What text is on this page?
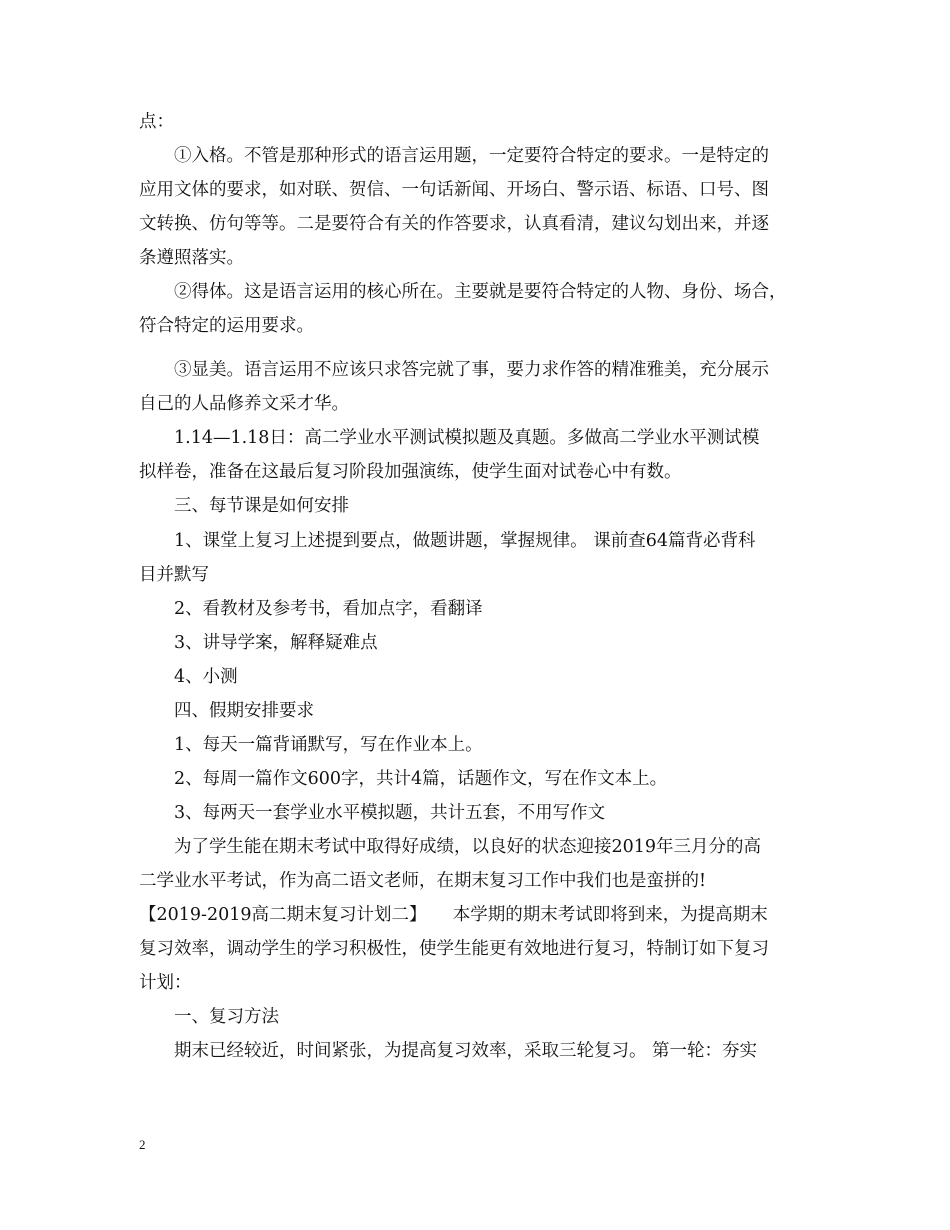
点：
①入格。不管是那种形式的语言运用题，一定要符合特定的要求。一是特定的
应用文体的要求，如对联、贺信、一句话新闻、开场白、警示语、标语、口号、图
文转换、仿句等等。二是要符合有关的作答要求，认真看清，建议勾划出来，并逐
条遵照落实。
②得体。这是语言运用的核心所在。主要就是要符合特定的人物、身份、场合，
符合特定的运用要求。
③显美。语言运用不应该只求答完就了事，要力求作答的精准雅美，充分展示
自己的人品修养文采才华。
1.14—1.18日：高二学业水平测试模拟题及真题。多做高二学业水平测试模
拟样卷，准备在这最后复习阶段加强演练，使学生面对试卷心中有数。
三、每节课是如何安排
1、课堂上复习上述提到要点，做题讲题，掌握规律。 课前查64篇背必背科
目并默写
2、看教材及参考书，看加点字，看翻译
3、讲导学案，解释疑难点
4、小测
四、假期安排要求
1、每天一篇背诵默写，写在作业本上。
2、每周一篇作文600字，共计4篇，话题作文，写在作文本上。
3、每两天一套学业水平模拟题，共计五套，不用写作文
为了学生能在期末考试中取得好成绩，以良好的状态迎接2019年三月分的高
二学业水平考试，作为高二语文老师，在期末复习工作中我们也是蛮拼的!
【2019-2019高二期末复习计划二】　　本学期的期末考试即将到来，为提高期末
复习效率，调动学生的学习积极性，使学生能更有效地进行复习，特制订如下复习
计划：
一、复习方法
期末已经较近，时间紧张，为提高复习效率，采取三轮复习。 第一轮：夯实
2
